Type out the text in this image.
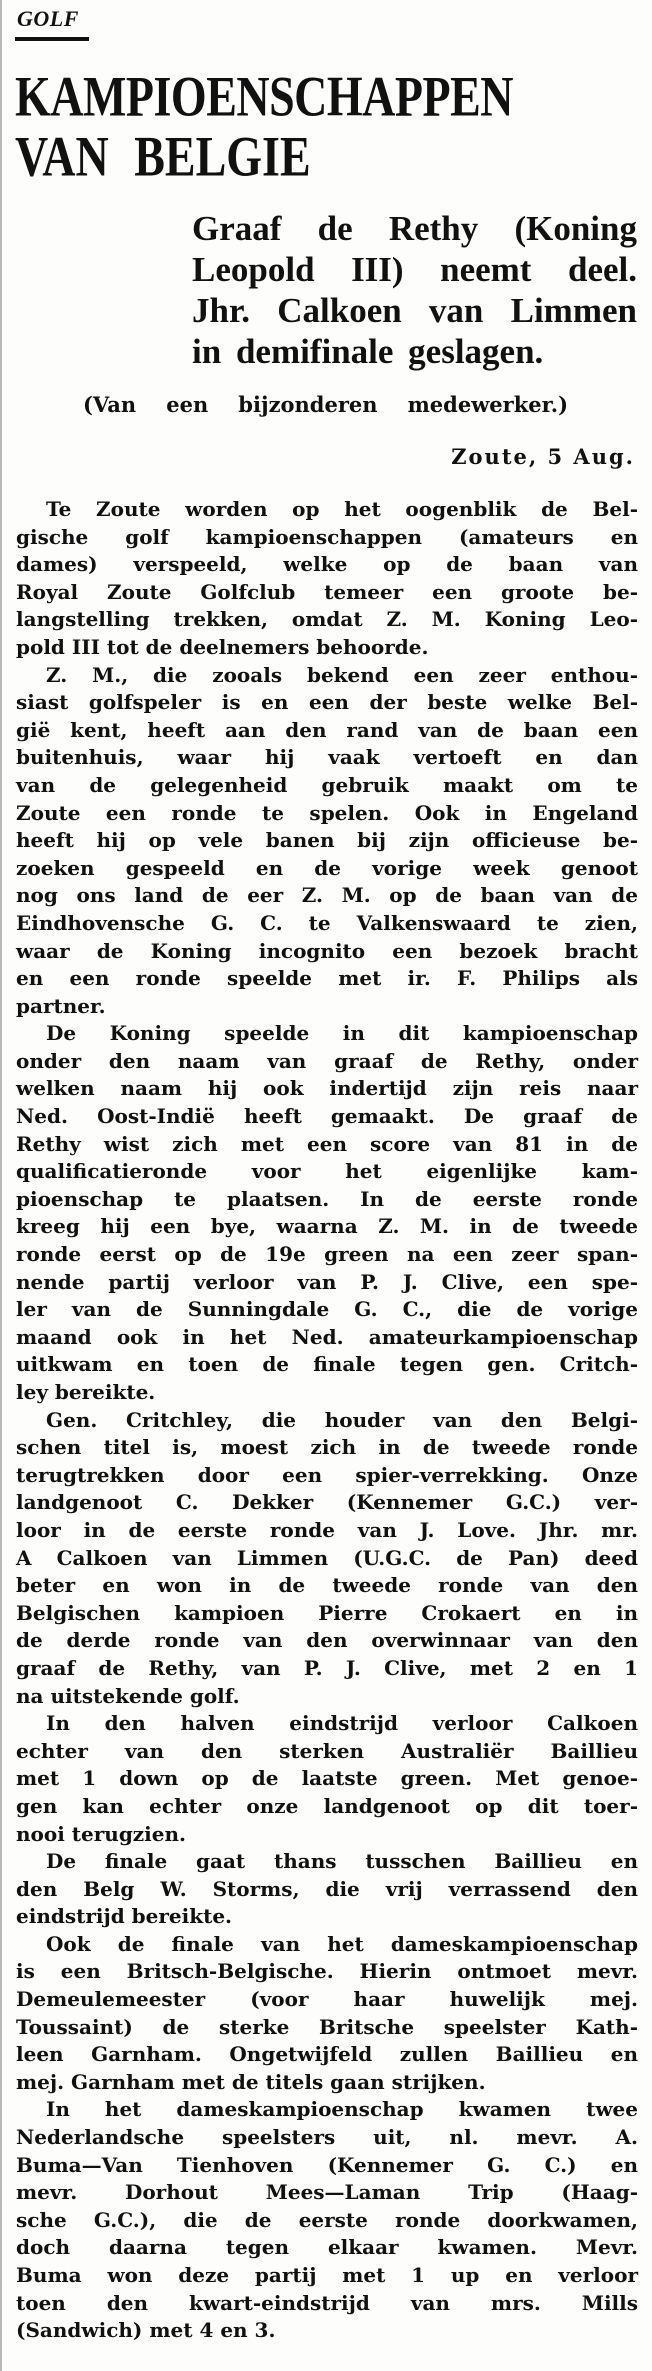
GOLF
KAMPIOENSCHAPPEN
VAN BELGIE
Graaf de Rethy (Koning
Leopold III) neemt deel.
Jhr. Calkoen van Limmen
in demifinale geslagen.
(Van een bijzonderen medewerker.)
Zoute, 5 Aug.
Te Zoute worden op het oogenblik de Bel-
gische golf kampioenschappen (amateurs en
dames) verspeeld, welke op de baan van
Royal Zoute Golfclub temeer een groote be-
langstelling trekken, omdat Z. M. Koning Leo-
pold III tot de deelnemers behoorde.
Z. M., die zooals bekend een zeer enthou-
siast golfspeler is en een der beste welke Bel-
gië kent, heeft aan den rand van de baan een
buitenhuis, waar hij vaak vertoeft en dan
van de gelegenheid gebruik maakt om te
Zoute een ronde te spelen. Ook in Engeland
heeft hij op vele banen bij zijn officieuse be-
zoeken gespeeld en de vorige week genoot
nog ons land de eer Z. M. op de baan van de
Eindhovensche G. C. te Valkenswaard te zien,
waar de Koning incognito een bezoek bracht
en een ronde speelde met ir. F. Philips als
partner.
De Koning speelde in dit kampioenschap
onder den naam van graaf de Rethy, onder
welken naam hij ook indertijd zijn reis naar
Ned. Oost-Indië heeft gemaakt. De graaf de
Rethy wist zich met een score van 81 in de
qualificatieronde voor het eigenlijke kam-
pioenschap te plaatsen. In de eerste ronde
kreeg hij een bye, waarna Z. M. in de tweede
ronde eerst op de 19e green na een zeer span-
nende partij verloor van P. J. Clive, een spe-
ler van de Sunningdale G. C., die de vorige
maand ook in het Ned. amateurkampioenschap
uitkwam en toen de finale tegen gen. Critch-
ley bereikte.
Gen. Critchley, die houder van den Belgi-
schen titel is, moest zich in de tweede ronde
terugtrekken door een spier-verrekking. Onze
landgenoot C. Dekker (Kennemer G.C.) ver-
loor in de eerste ronde van J. Love. Jhr. mr.
A Calkoen van Limmen (U.G.C. de Pan) deed
beter en won in de tweede ronde van den
Belgischen kampioen Pierre Crokaert en in
de derde ronde van den overwinnaar van den
graaf de Rethy, van P. J. Clive, met 2 en 1
na uitstekende golf.
In den halven eindstrijd verloor Calkoen
echter van den sterken Australiër Baillieu
met 1 down op de laatste green. Met genoe-
gen kan echter onze landgenoot op dit toer-
nooi terugzien.
De finale gaat thans tusschen Baillieu en
den Belg W. Storms, die vrij verrassend den
eindstrijd bereikte.
Ook de finale van het dameskampioenschap
is een Britsch-Belgische. Hierin ontmoet mevr.
Demeulemeester (voor haar huwelijk mej.
Toussaint) de sterke Britsche speelster Kath-
leen Garnham. Ongetwijfeld zullen Baillieu en
mej. Garnham met de titels gaan strijken.
In het dameskampioenschap kwamen twee
Nederlandsche speelsters uit, nl. mevr. A.
Buma—Van Tienhoven (Kennemer G. C.) en
mevr. Dorhout Mees—Laman Trip (Haag-
sche G.C.), die de eerste ronde doorkwamen,
doch daarna tegen elkaar kwamen. Mevr.
Buma won deze partij met 1 up en verloor
toen den kwart-eindstrijd van mrs. Mills
(Sandwich) met 4 en 3.
